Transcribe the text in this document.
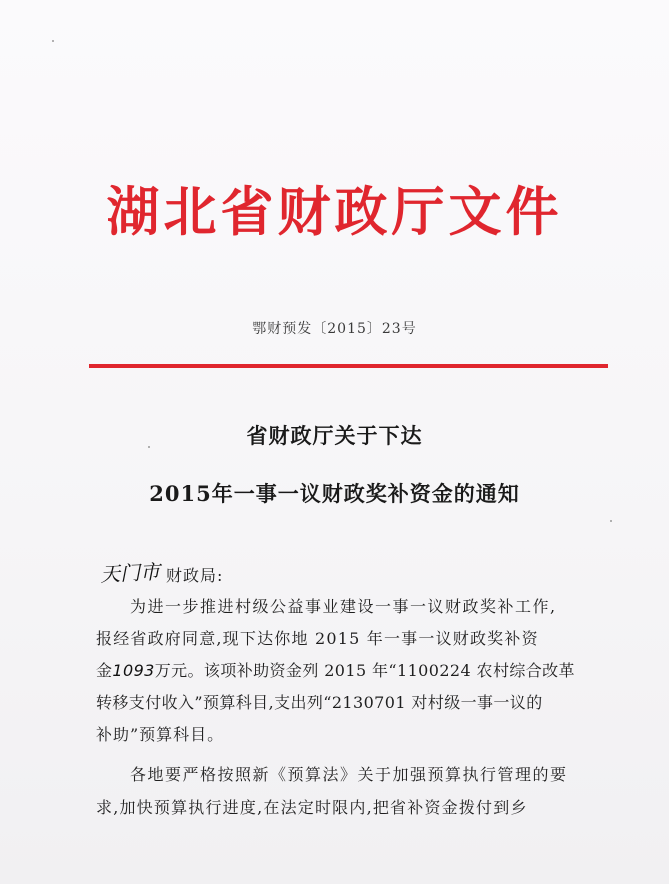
湖北省财政厅文件
鄂财预发〔2015〕23号
省财政厅关于下达
2015年一事一议财政奖补资金的通知
天门市 财政局:
为进一步推进村级公益事业建设一事一议财政奖补工作,
报经省政府同意,现下达你地 2015 年一事一议财政奖补资
金1093万元。该项补助资金列 2015 年“1100224 农村综合改革
转移支付收入”预算科目,支出列“2130701 对村级一事一议的
补助”预算科目。
各地要严格按照新《预算法》关于加强预算执行管理的要
求,加快预算执行进度,在法定时限内,把省补资金拨付到乡
